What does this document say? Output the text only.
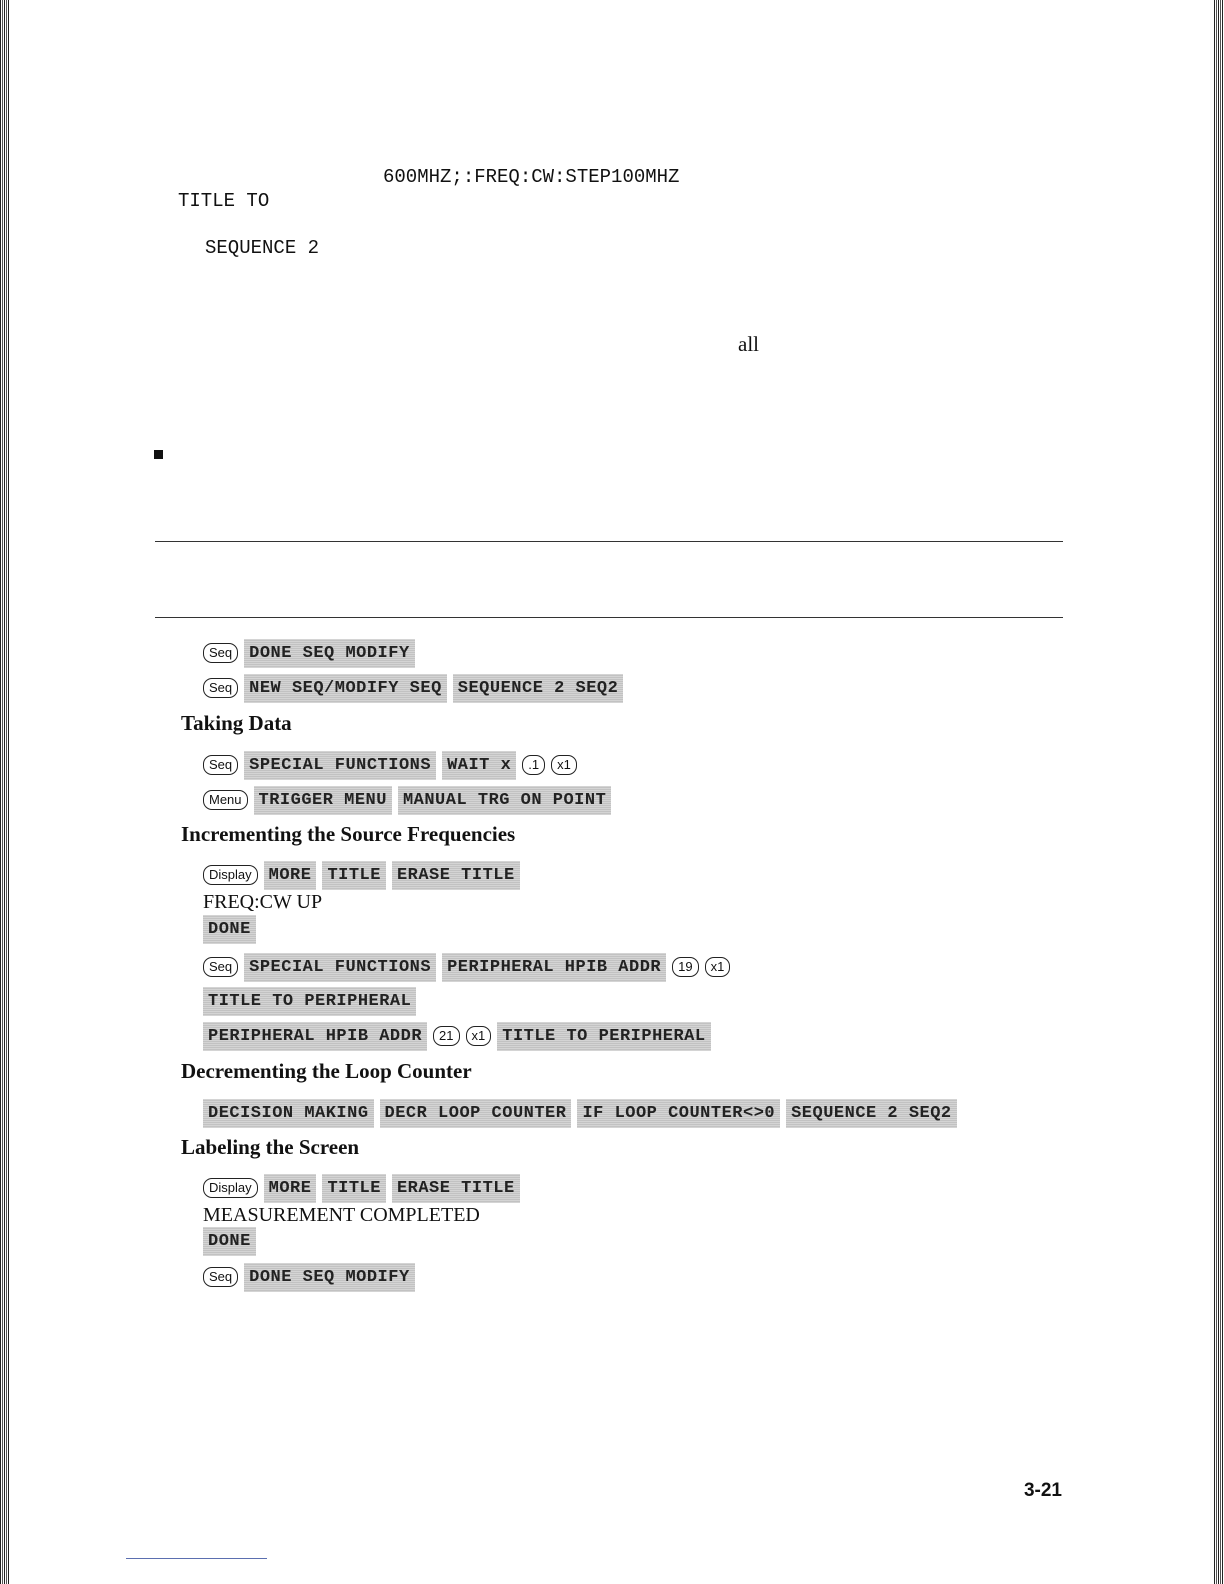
600MHZ;:FREQ:CW:STEP100MHZ
TITLE TO
SEQUENCE 2
all
Seq	DONE SEQ MODIFY
Seq	NEW SEQ/MODIFY SEQ SEQUENCE 2 SEQ2
Taking Data
Seq	SPECIAL FUNCTIONS WAIT x	.1	x1
Menu	TRIGGER MENU MANUAL TRG ON POINT
Incrementing the Source Frequencies
Display	MORE TITLE ERASE TITLE
FREQ:CW UP
DONE
Seq	SPECIAL FUNCTIONS PERIPHERAL HPIB ADDR	19	x1
TITLE TO PERIPHERAL
PERIPHERAL HPIB ADDR	21	x1	TITLE TO PERIPHERAL
Decrementing the Loop Counter
DECISION MAKING DECR LOOP COUNTER IF LOOP COUNTER<>0 SEQUENCE 2 SEQ2
Labeling the Screen
Display	MORE TITLE ERASE TITLE
MEASUREMENT COMPLETED
DONE
Seq	DONE SEQ MODIFY
3-21
